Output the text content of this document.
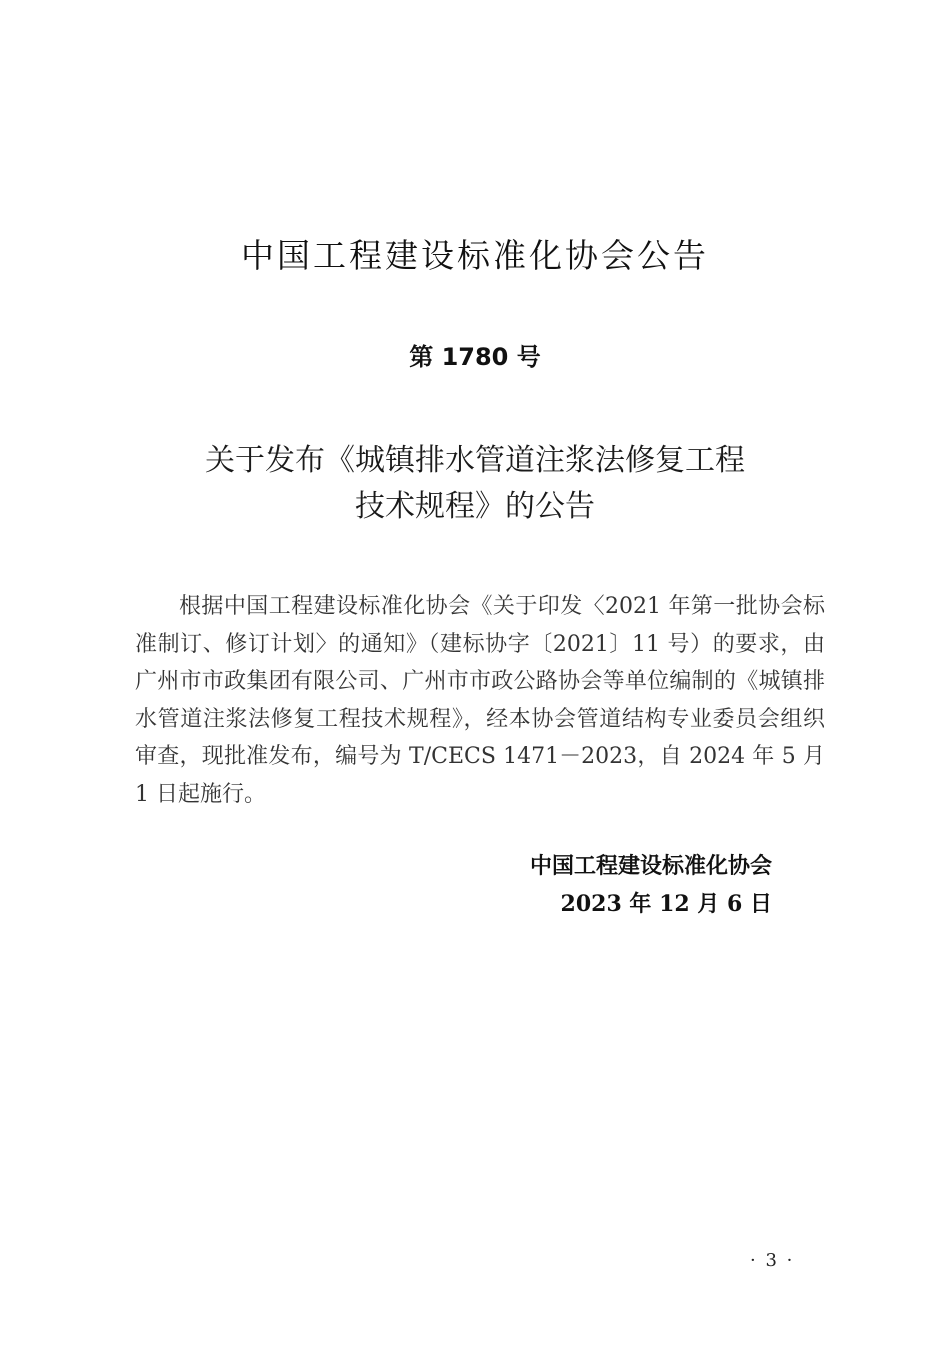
中国工程建设标准化协会公告
第 1780 号
关于发布《城镇排水管道注浆法修复工程
技术规程》的公告

根据中国工程建设标准化协会《关于印发〈2021 年第一批协会标准制订、修订计划〉的通知》（建标协字〔2021〕11 号）的要求，由广州市市政集团有限公司、广州市市政公路协会等单位编制的《城镇排水管道注浆法修复工程技术规程》，经本协会管道结构专业委员会组织审查，现批准发布，编号为 T/CECS 1471－2023，自 2024 年 5 月 1 日起施行。

中国工程建设标准化协会
2023 年 12 月 6 日
· 3 ·
